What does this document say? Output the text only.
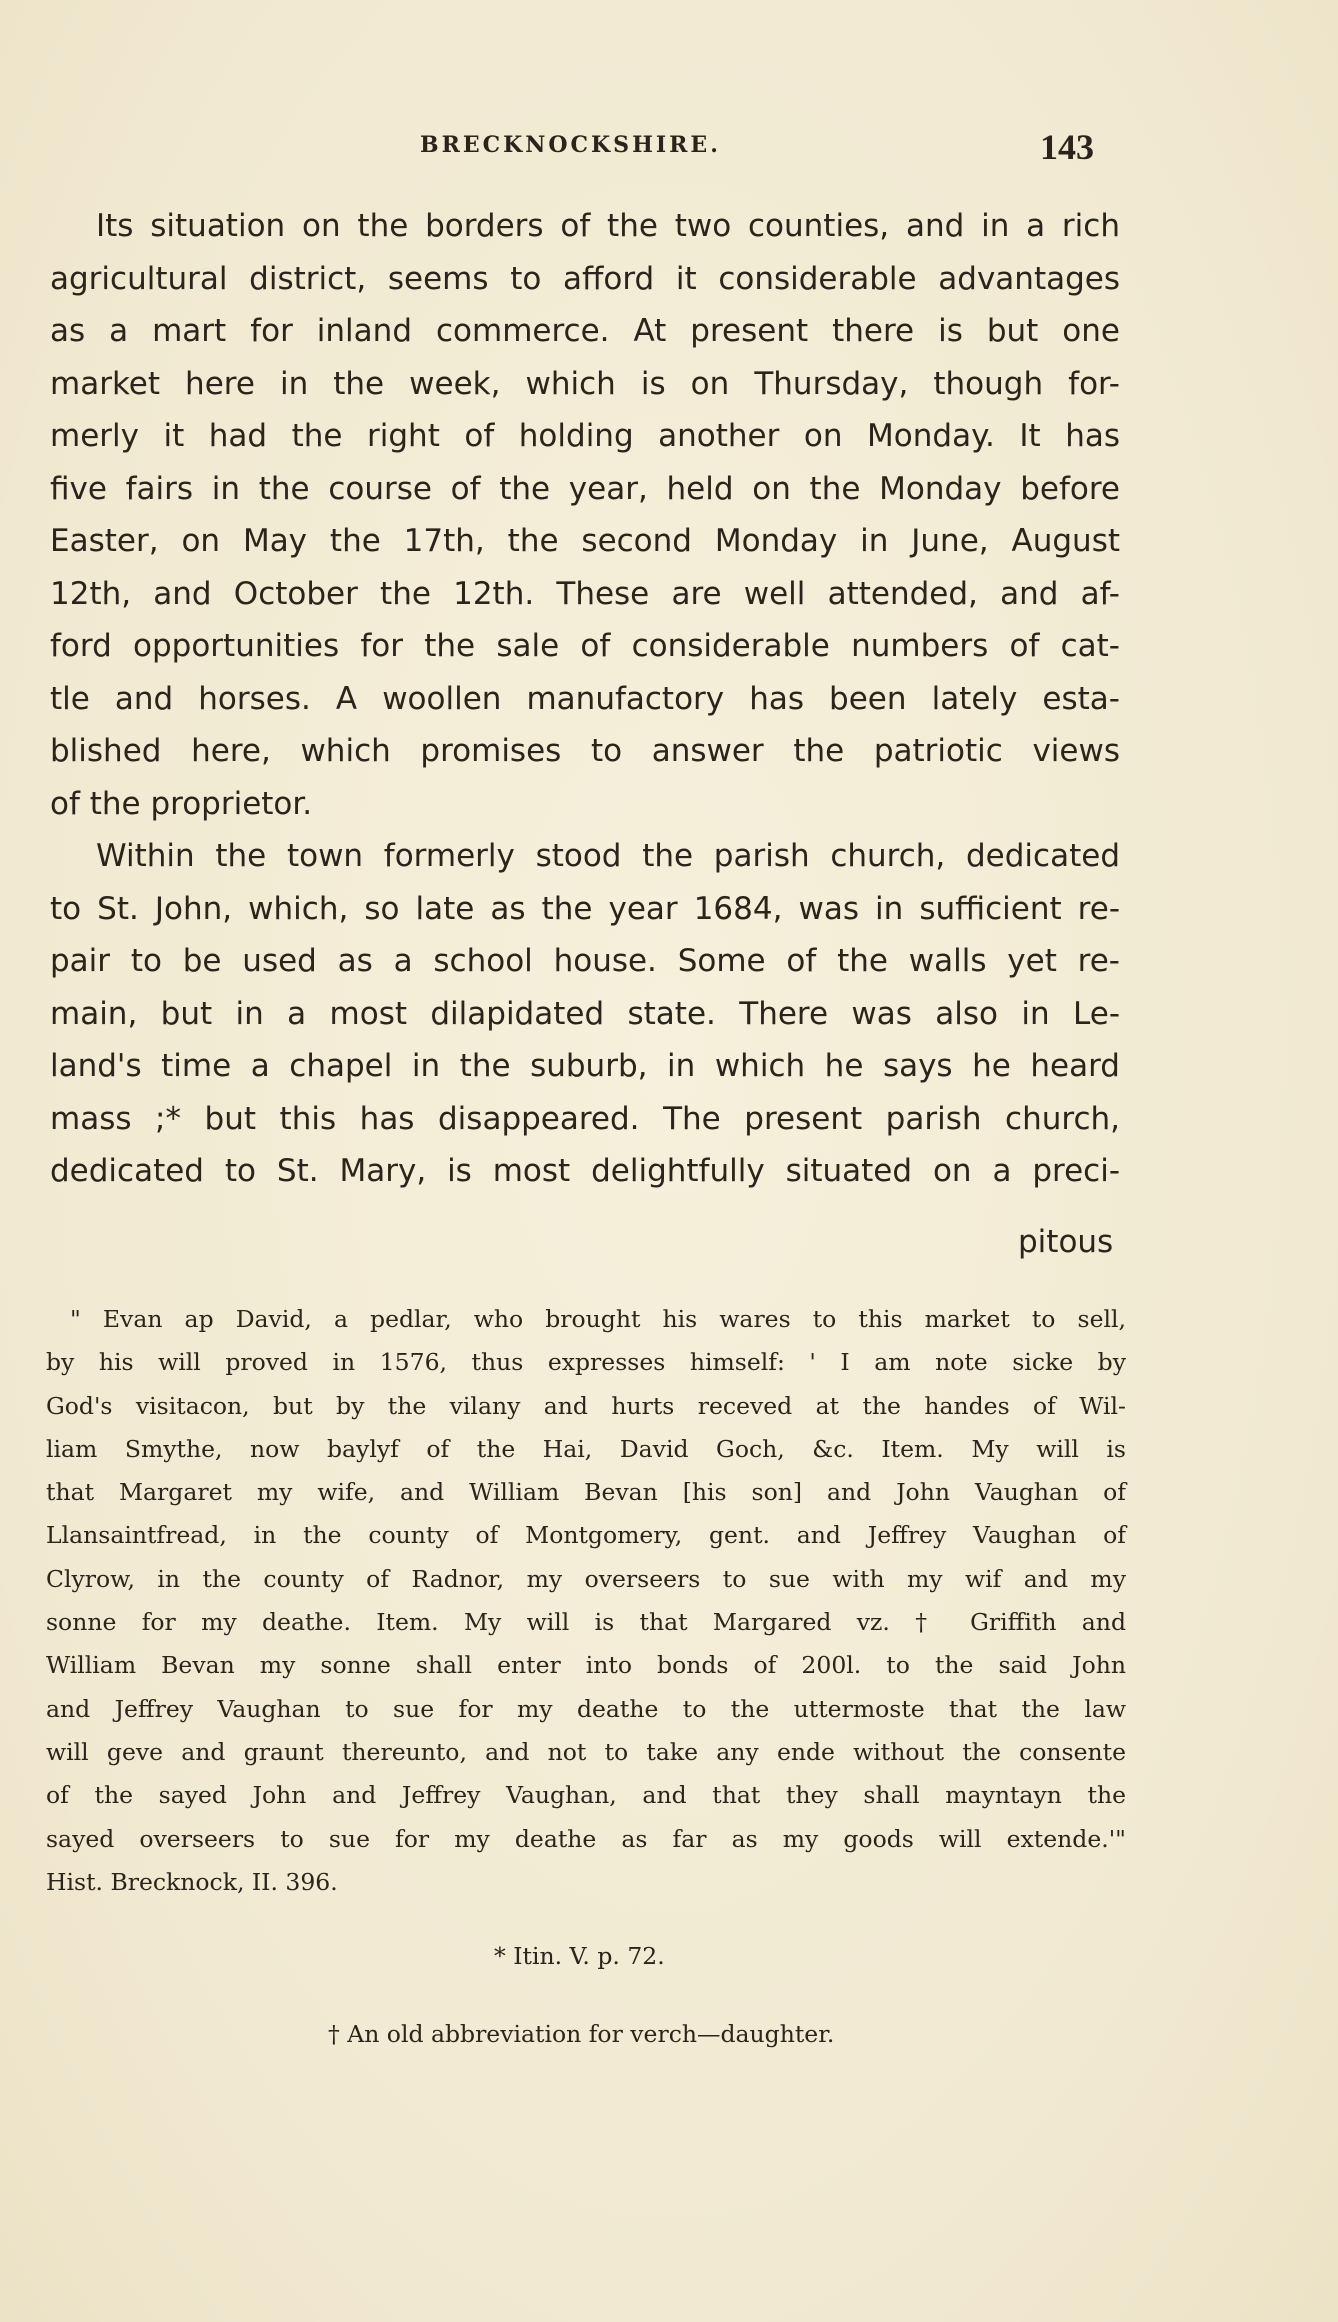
BRECKNOCKSHIRE.	143
Its situation on the borders of the two counties, and in a rich
agricultural district, seems to afford it considerable advantages
as a mart for inland commerce. At present there is but one
market here in the week, which is on Thursday, though for-
merly it had the right of holding another on Monday. It has
five fairs in the course of the year, held on the Monday before
Easter, on May the 17th, the second Monday in June, August
12th, and October the 12th. These are well attended, and af-
ford opportunities for the sale of considerable numbers of cat-
tle and horses. A woollen manufactory has been lately esta-
blished here, which promises to answer the patriotic views
of the proprietor.
Within the town formerly stood the parish church, dedicated
to St. John, which, so late as the year 1684, was in sufficient re-
pair to be used as a school house. Some of the walls yet re-
main, but in a most dilapidated state. There was also in Le-
land's time a chapel in the suburb, in which he says he heard
mass ;* but this has disappeared. The present parish church,
dedicated to St. Mary, is most delightfully situated on a preci-
pitous
" Evan ap David, a pedlar, who brought his wares to this market to sell,
by his will proved in 1576, thus expresses himself: ' I am note sicke by
God's visitacon, but by the vilany and hurts receved at the handes of Wil-
liam Smythe, now baylyf of the Hai, David Goch, &c. Item. My will is
that Margaret my wife, and William Bevan [his son] and John Vaughan of
Llansaintfread, in the county of Montgomery, gent. and Jeffrey Vaughan of
Clyrow, in the county of Radnor, my overseers to sue with my wif and my
sonne for my deathe. Item. My will is that Margared vz. † Griffith and
William Bevan my sonne shall enter into bonds of 200l. to the said John
and Jeffrey Vaughan to sue for my deathe to the uttermoste that the law
will geve and graunt thereunto, and not to take any ende without the consente
of the sayed John and Jeffrey Vaughan, and that they shall mayntayn the
sayed overseers to sue for my deathe as far as my goods will extende.'"
Hist. Brecknock, II. 396.
* Itin. V. p. 72.
† An old abbreviation for verch—daughter.
